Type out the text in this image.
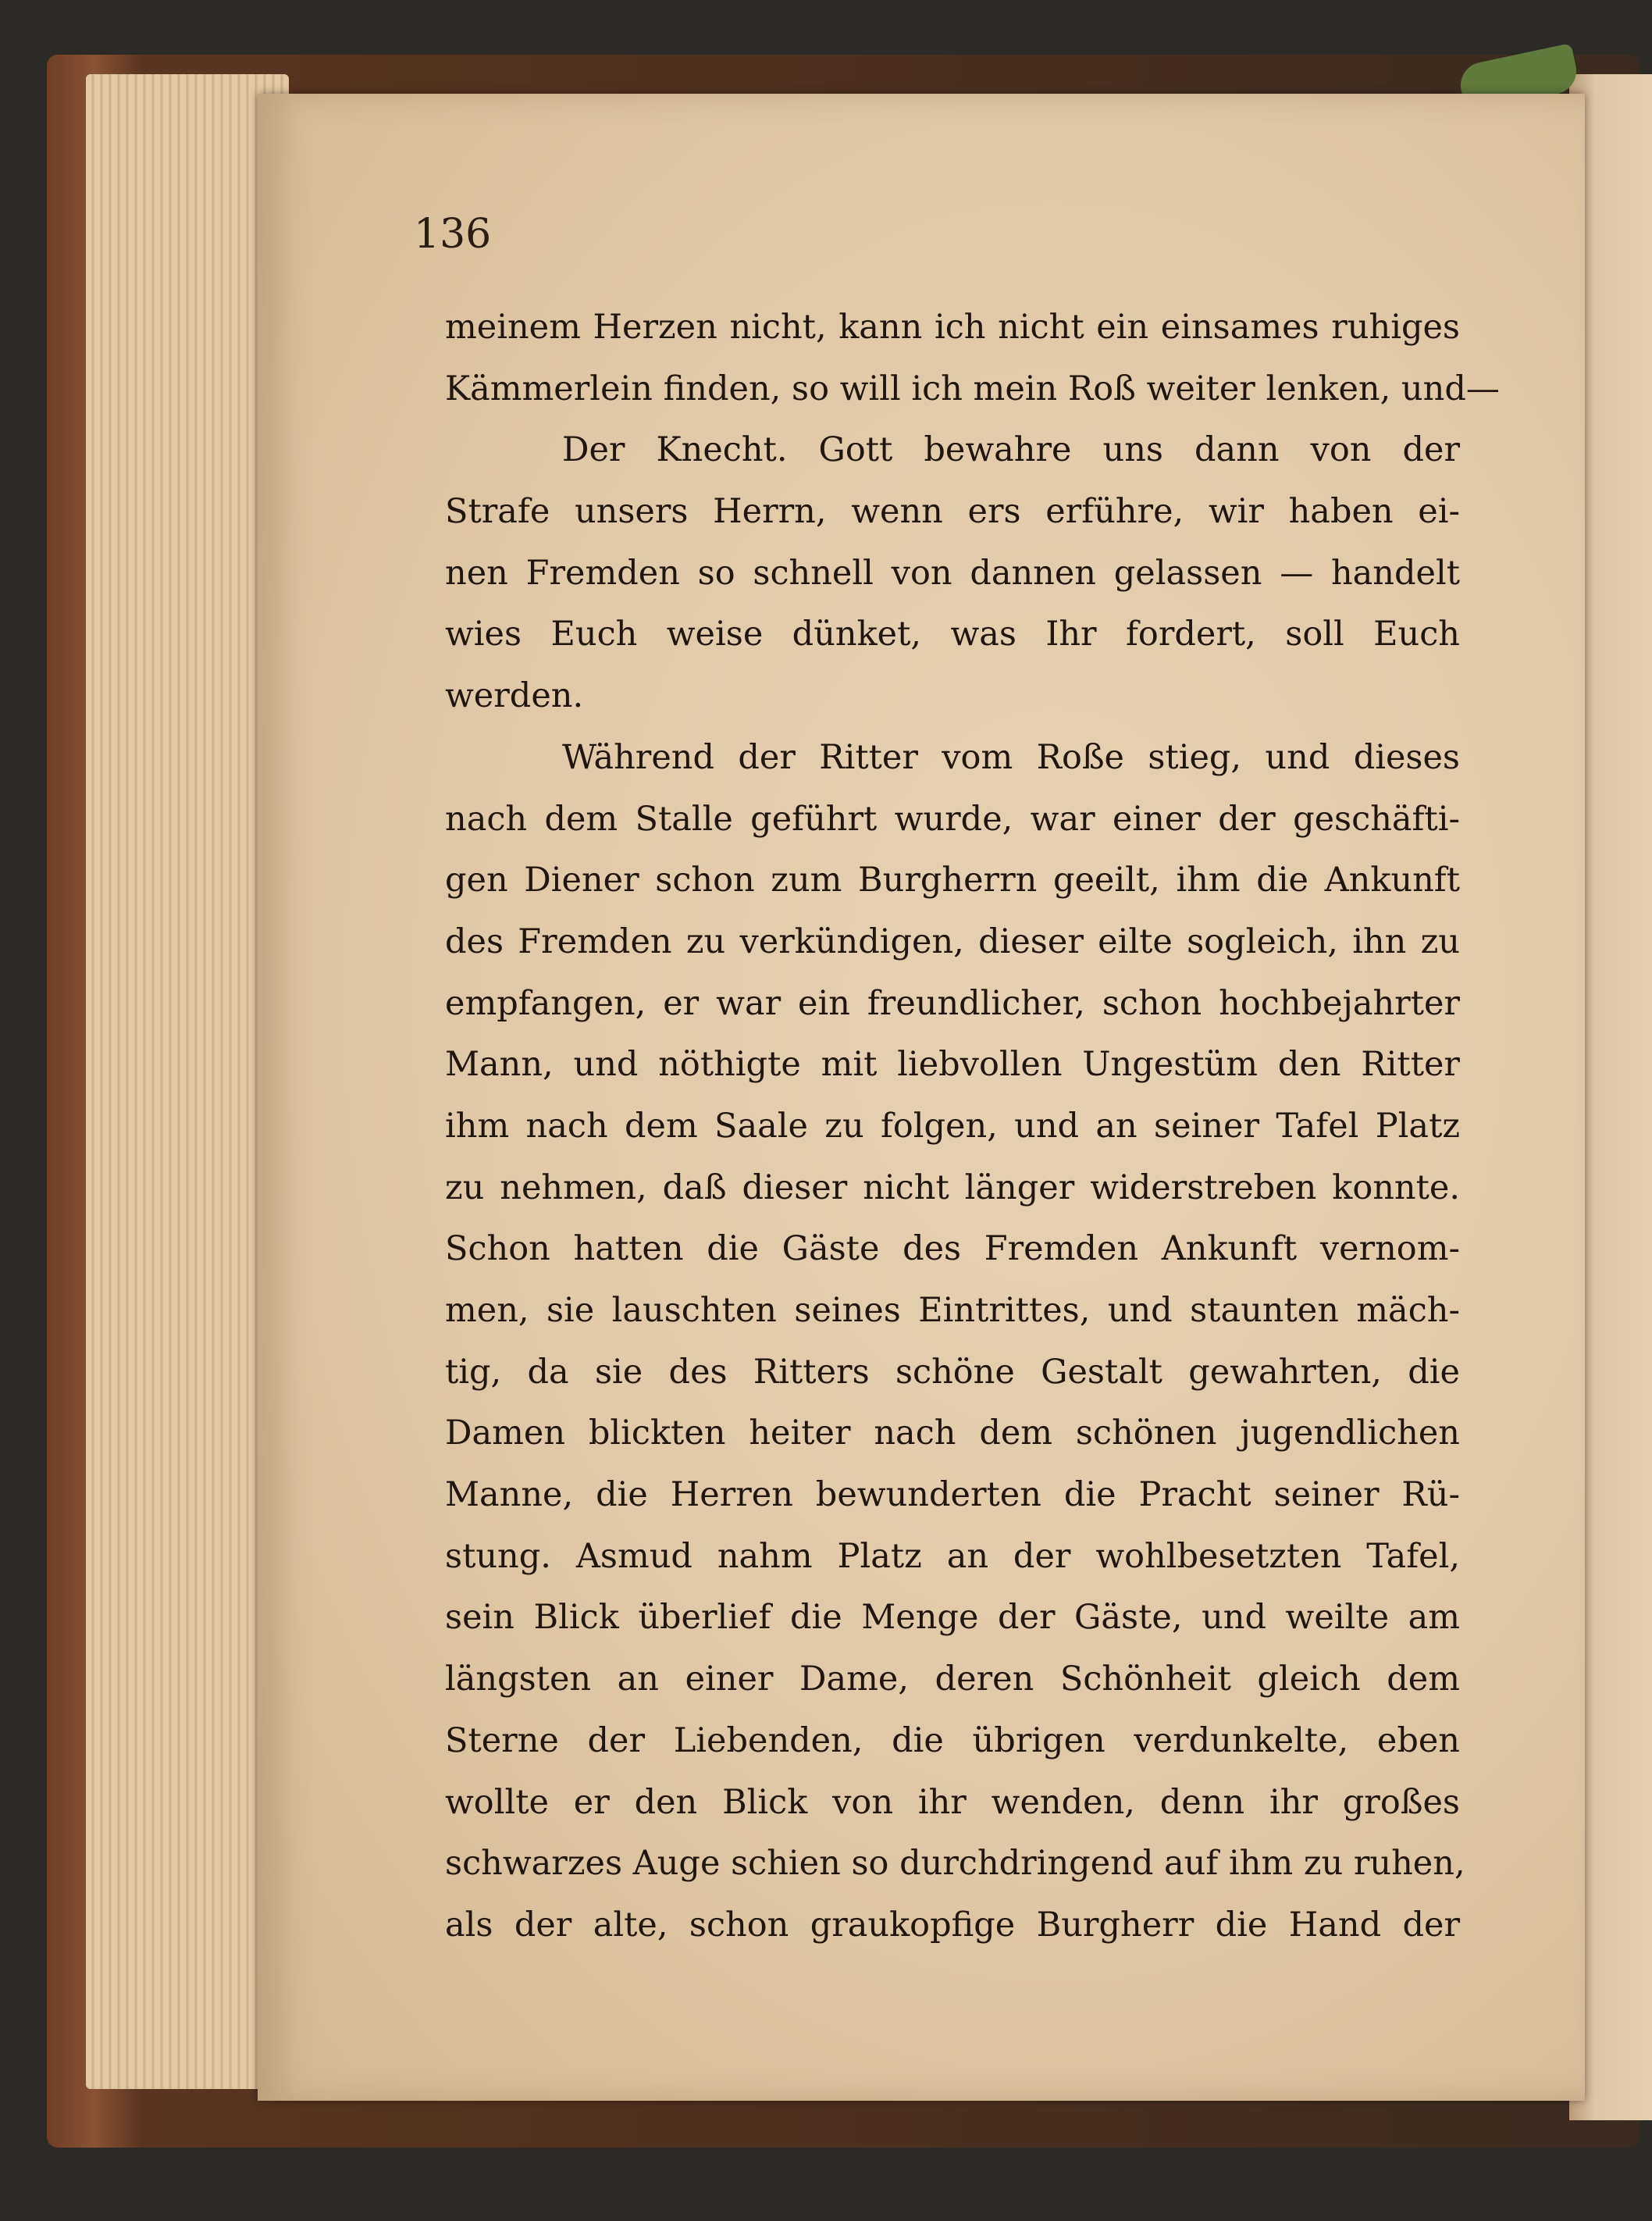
136
meinem Herzen nicht, kann ich nicht ein einsames ruhiges
Kämmerlein finden, so will ich mein Roß weiter lenken, und—
Der Knecht. Gott bewahre uns dann von der
Strafe unsers Herrn, wenn ers erführe, wir haben ei-
nen Fremden so schnell von dannen gelassen — handelt
wies Euch weise dünket, was Ihr fordert, soll Euch
werden.
Während der Ritter vom Roße stieg, und dieses
nach dem Stalle geführt wurde, war einer der geschäfti-
gen Diener schon zum Burgherrn geeilt, ihm die Ankunft
des Fremden zu verkündigen, dieser eilte sogleich, ihn zu
empfangen, er war ein freundlicher, schon hochbejahrter
Mann, und nöthigte mit liebvollen Ungestüm den Ritter
ihm nach dem Saale zu folgen, und an seiner Tafel Platz
zu nehmen, daß dieser nicht länger widerstreben konnte.
Schon hatten die Gäste des Fremden Ankunft vernom-
men, sie lauschten seines Eintrittes, und staunten mäch-
tig, da sie des Ritters schöne Gestalt gewahrten, die
Damen blickten heiter nach dem schönen jugendlichen
Manne, die Herren bewunderten die Pracht seiner Rü-
stung. Asmud nahm Platz an der wohlbesetzten Tafel,
sein Blick überlief die Menge der Gäste, und weilte am
längsten an einer Dame, deren Schönheit gleich dem
Sterne der Liebenden, die übrigen verdunkelte, eben
wollte er den Blick von ihr wenden, denn ihr großes
schwarzes Auge schien so durchdringend auf ihm zu ruhen,
als der alte, schon graukopfige Burgherr die Hand der
